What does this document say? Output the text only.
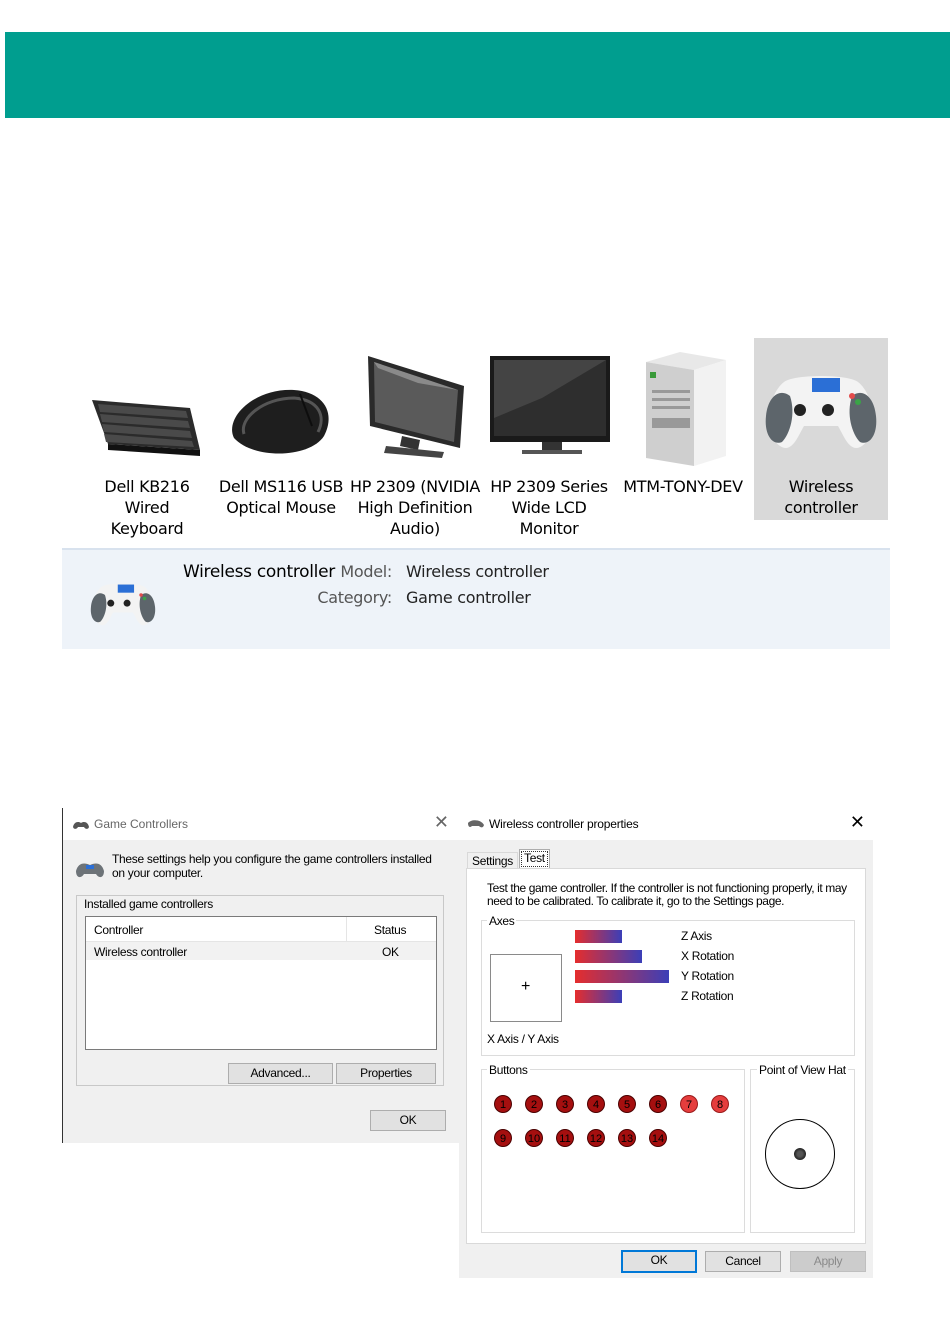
Dell KB216 Wired
Keyboard
Dell MS116 USB
Optical Mouse
HP 2309 (NVIDIA
High Definition
Audio)
HP 2309 Series
Wide LCD
Monitor
MTM-TONY-DEV	Wireless
controller
Wireless controller Model: Wireless controller
Category: Game controller
Game Controllers	✕
These settings help you configure the game controllers installed on your computer.
Installed game controllers
Controller	Status
Wireless controller	OK
Advanced...	Properties
OK
Wireless controller properties	✕
Settings Test
Test the game controller. If the controller is not functioning properly, it may need to be calibrated. To calibrate it, go to the Settings page.
Axes
+
X Axis / Y Axis
Z Axis
X Rotation
Y Rotation
Z Rotation
Buttons
1	2	3	4	5	6	7	8
9	10 11 12 13 14
Point of View Hat
OK	Cancel	Apply
